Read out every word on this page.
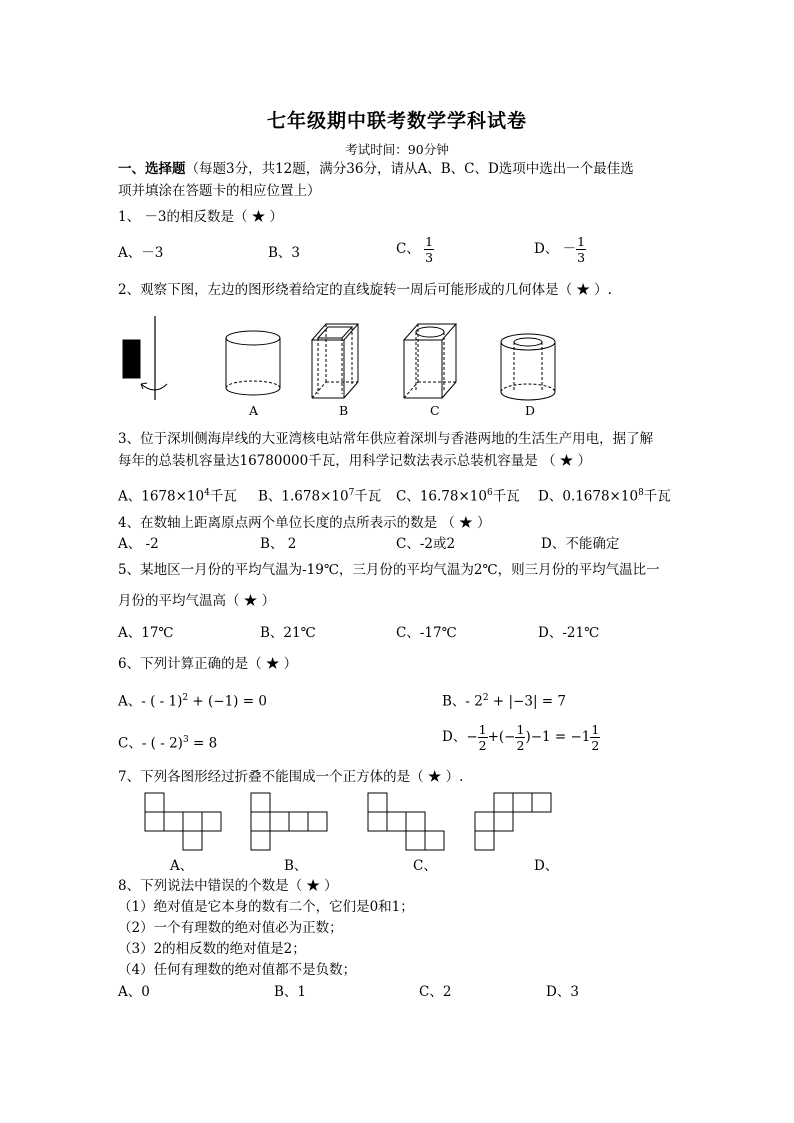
七年级期中联考数学学科试卷
考试时间：90分钟
一、选择题（每题3分，共12题，满分36分，请从A、B、C、D选项中选出一个最佳选
项并填涂在答题卡的相应位置上）
1、 －3的相反数是（ ★ ）
A、－3	B、3	C、 $\frac{1}{3}$	D、 － $\frac{1}{3}$
2、观察下图，左边的图形绕着给定的直线旋转一周后可能形成的几何体是（ ★ ）.
A	B	C	D
3、位于深圳侧海岸线的大亚湾核电站常年供应着深圳与香港两地的生活生产用电，据了解
每年的总装机容量达16780000千瓦，用科学记数法表示总装机容量是 （ ★ ）
A、$1678\times 10^4$千瓦 B、$1.678\times 10^7$千瓦 C、$16.78\times 10^6$千瓦 D、$0.1678\times 10^8$千瓦
4、在数轴上距离原点两个单位长度的点所表示的数是 （ ★ ）
A、 -2	B、 2	C、-2或2	D、不能确定
5、某地区一月份的平均气温为-19℃，三月份的平均气温为2℃，则三月份的平均气温比一
月份的平均气温高（ ★ ）
A、17℃	B、21℃	C、-17℃	D、-21℃
6、下列计算正确的是（ ★ ）
A、- ( - 1)$^2$ + (−1) = 0	B、- $2^2 + |-3| = 7$
C、- ( - 2)$^3$ = 8	D、− $\frac{1}{2}$ +(− $\frac{1}{2} )-1 = -1 \frac{1}{2}$
7、下列各图形经过折叠不能围成一个正方体的是（ ★ ）.
A、	B、	C、	D、
8、下列说法中错误的个数是（ ★ ）
（1）绝对值是它本身的数有二个，它们是0和1；
（2）一个有理数的绝对值必为正数；
（3）2的相反数的绝对值是2；
（4）任何有理数的绝对值都不是负数；
A、0	B、1	C、2	D、3
